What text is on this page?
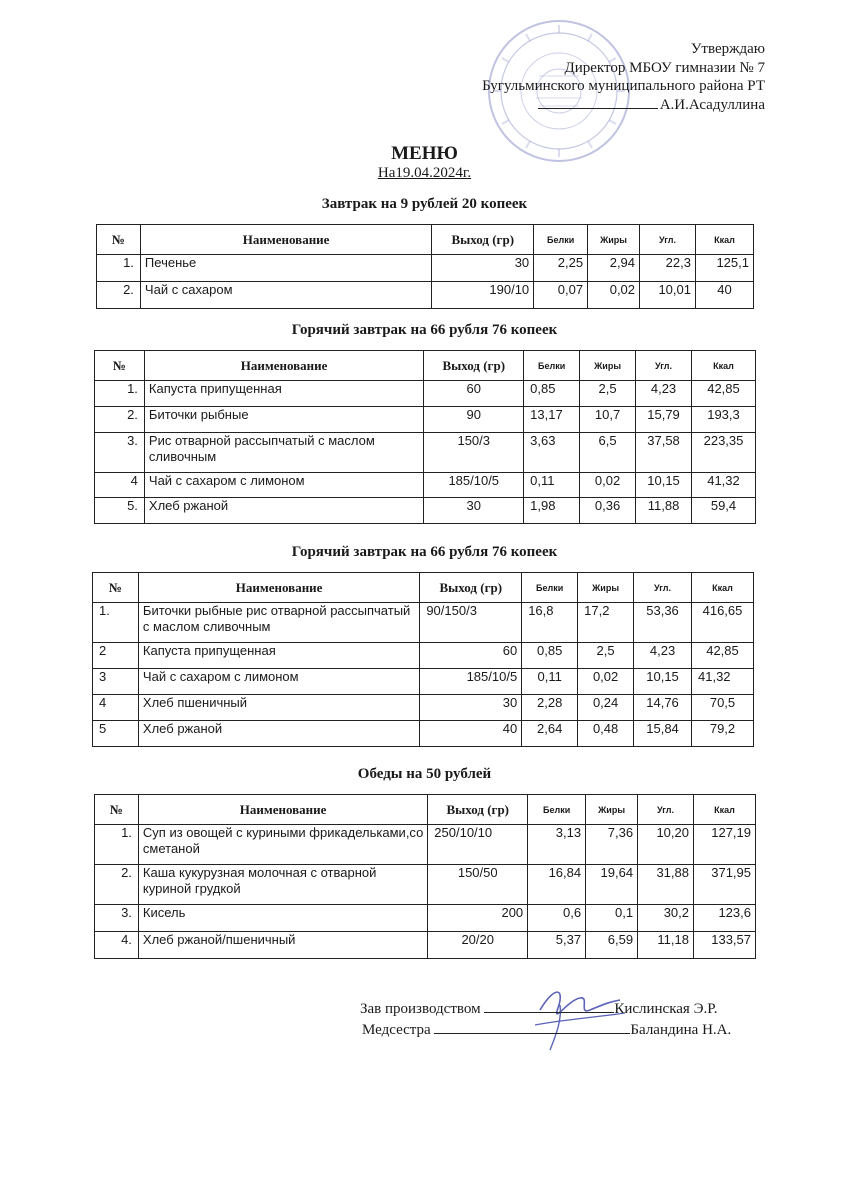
Утверждаю
Директор МБОУ гимназии № 7
Бугульминского муниципального района РТ
А.И.Асадуллина
МЕНЮ
На19.04.2024г.
Завтрак на 9 рублей 20 копеек
№	Наименование	Выход (гр)	Белки	Жиры	Угл.	Ккал
1.	Печенье	30	2,25	2,94	22,3	125,1
2.	Чай с сахаром	190/10	0,07	0,02	10,01	40
Горячий завтрак на 66 рубля 76 копеек
№	Наименование	Выход (гр)	Белки	Жиры	Угл.	Ккал
1.	Капуста припущенная	60	0,85	2,5	4,23	42,85
2.	Биточки рыбные	90	13,17	10,7	15,79	193,3
3.	Рис отварной рассыпчатый с маслом сливочным	150/3	3,63	6,5	37,58	223,35
4	Чай с сахаром с лимоном	185/10/5	0,11	0,02	10,15	41,32
5.	Хлеб ржаной	30	1,98	0,36	11,88	59,4
Горячий завтрак на 66 рубля 76 копеек
№	Наименование	Выход (гр)	Белки	Жиры	Угл.	Ккал
1.	Биточки рыбные рис отварной рассыпчатый с маслом сливочным	90/150/3	16,8	17,2	53,36	416,65
2	Капуста припущенная	60	0,85	2,5	4,23	42,85
3	Чай с сахаром с лимоном	185/10/5	0,11	0,02	10,15	41,32
4	Хлеб пшеничный	30	2,28	0,24	14,76	70,5
5	Хлеб ржаной	40	2,64	0,48	15,84	79,2
Обеды на 50 рублей
№	Наименование	Выход (гр)	Белки	Жиры	Угл.	Ккал
1.	Суп из овощей с куриными фрикадельками,со сметаной	250/10/10	3,13	7,36	10,20	127,19
2.	Каша кукурузная молочная с отварной куриной грудкой	150/50	16,84	19,64	31,88	371,95
3.	Кисель	200	0,6	0,1	30,2	123,6
4.	Хлеб ржаной/пшеничный	20/20	5,37	6,59	11,18	133,57
Зав производством	Кислинская Э.Р.
Медсестра	Баландина Н.А.
